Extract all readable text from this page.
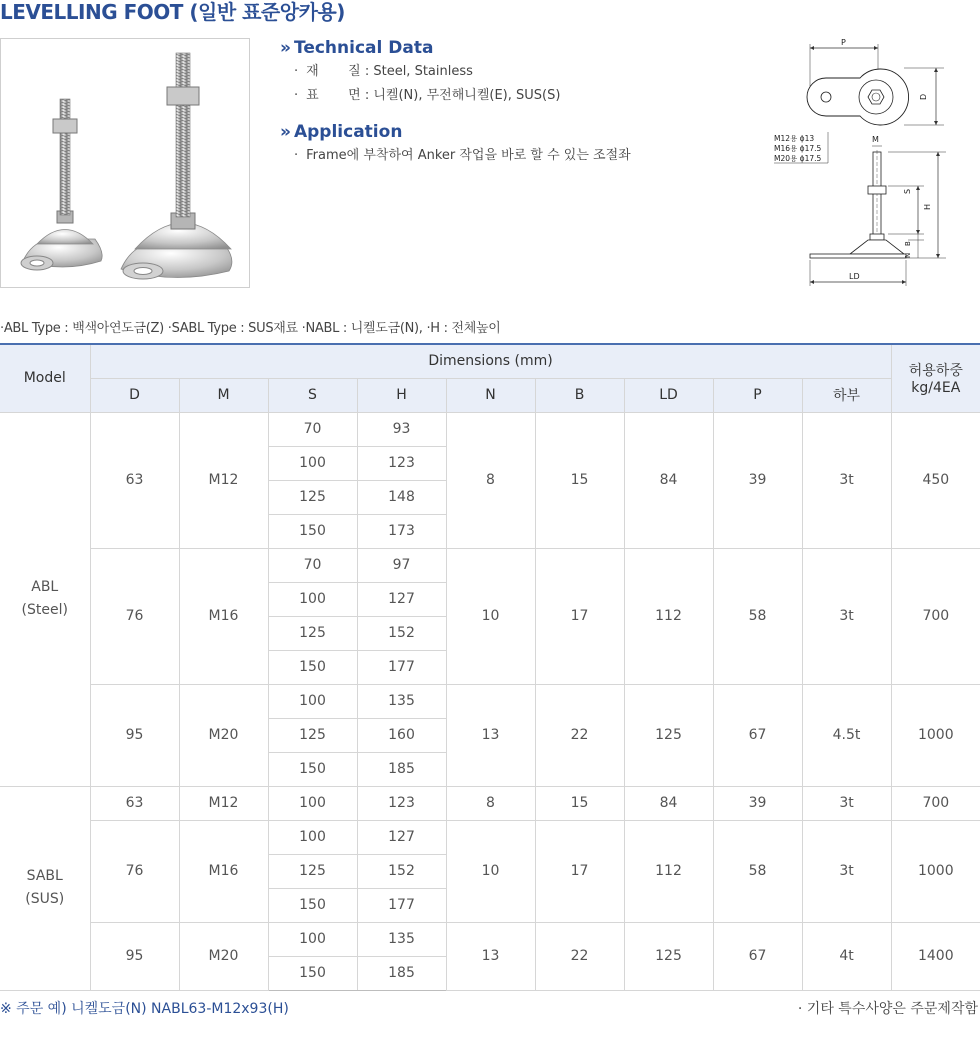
LEVELLING FOOT (일반 표준앙카용)
» Technical Data
· 재 질 : Steel, Stainless
· 표 면 : 니켈(N), 무전해니켈(E), SUS(S)
» Application
· Frame에 부착하여 Anker 작업을 바로 할 수 있는 조절좌
P
D
M12용 ϕ13
M16용 ϕ17.5
M20용 ϕ17.5
M
H
S
B
N
LD
·ABL Type : 백색아연도금(Z) ·SABL Type : SUS재료 ·NABL : 니켈도금(N), ·H : 전체높이
Model	Dimensions (mm)									허용하중
kg/4EA
	D	M	S	H	N	B	LD	P	하부	
ABL
(Steel)	63	M12	70	93	8	15	84	39	3t	450
			100	123						
			125	148						
			150	173						
	76	M16	70	97	10	17	112	58	3t	700
			100	127						
			125	152						
			150	177						
	95	M20	100	135	13	22	125	67	4.5t	1000
			125	160						
			150	185						
SABL
(SUS)	63	M12	100	123	8	15	84	39	3t	700
	76	M16	100	127	10	17	112	58	3t	1000
			125	152						
			150	177						
	95	M20	100	135	13	22	125	67	4t	1400
			150	185						
※ 주문 예) 니켈도금(N) NABL63-M12x93(H)	· 기타 특수사양은 주문제작함
